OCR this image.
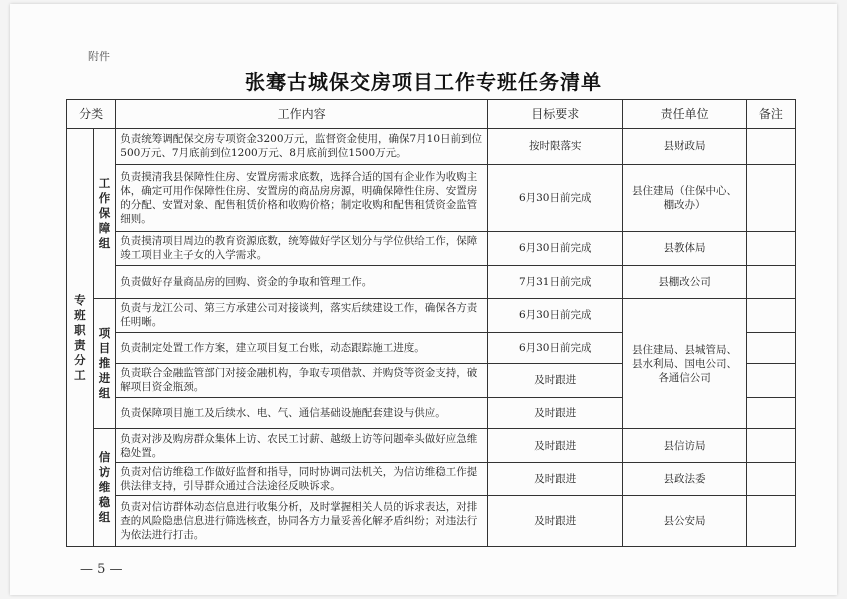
附件
张骞古城保交房项目工作专班任务清单
分类		工作内容	目标要求	责任单位	备注
专班职责分工	工作保障组	负责统筹调配保交房专项资金3200万元，监督资金使用，确保7月10日前到位500万元、7月底前到位1200万元、8月底前到位1500万元。	按时限落实	县财政局	
		负责摸清我县保障性住房、安置房需求底数，选择合适的国有企业作为收购主体，确定可用作保障性住房、安置房的商品房房源，明确保障性住房、安置房的分配、安置对象、配售租赁价格和收购价格；制定收购和配售租赁资金监管细则。	6月30日前完成	县住建局（住保中心、棚改办）	
		负责摸清项目周边的教育资源底数，统筹做好学区划分与学位供给工作，保障竣工项目业主子女的入学需求。	6月30日前完成	县教体局	
		负责做好存量商品房的回购、资金的争取和管理工作。	7月31日前完成	县棚改公司	
	项目推进组	负责与龙江公司、第三方承建公司对接谈判，落实后续建设工作，确保各方责任明晰。	6月30日前完成	县住建局、县城管局、县水利局、国电公司、各通信公司	
		负责制定处置工作方案，建立项目复工台账，动态跟踪施工进度。	6月30日前完成		
		负责联合金融监管部门对接金融机构，争取专项借款、并购贷等资金支持，破解项目资金瓶颈。	及时跟进		
		负责保障项目施工及后续水、电、气、通信基础设施配套建设与供应。	及时跟进		
	信访维稳组	负责对涉及购房群众集体上访、农民工讨薪、越级上访等问题牵头做好应急维稳处置。	及时跟进	县信访局	
		负责对信访维稳工作做好监督和指导，同时协调司法机关，为信访维稳工作提供法律支持，引导群众通过合法途径反映诉求。	及时跟进	县政法委	
		负责对信访群体动态信息进行收集分析，及时掌握相关人员的诉求表达，对排查的风险隐患信息进行筛选核查，协同各方力量妥善化解矛盾纠纷；对违法行为依法进行打击。	及时跟进	县公安局	
— 5 —
